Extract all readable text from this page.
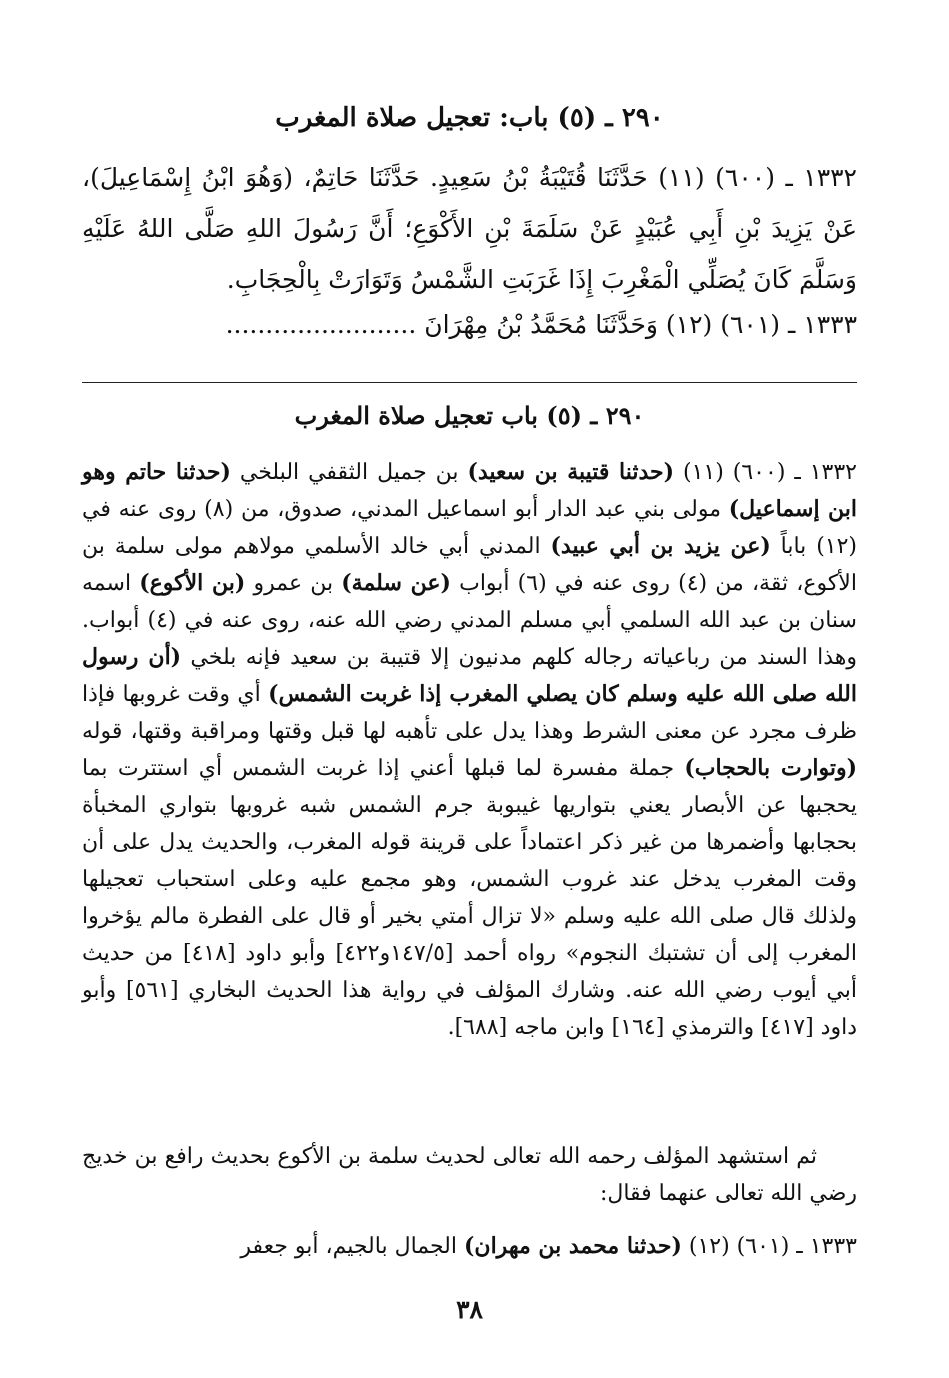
٢٩٠ ـ (٥) باب: تعجيل صلاة المغرب

١٣٣٢ ـ (٦٠٠) (١١) حَدَّثَنَا قُتَيْبَةُ بْنُ سَعِيدٍ. حَدَّثَنَا حَاتِمٌ، (وَهُوَ ابْنُ إِسْمَاعِيلَ)، عَنْ يَزِيدَ بْنِ أَبِي عُبَيْدٍ عَنْ سَلَمَةَ بْنِ الأَكْوَعِ؛ أَنَّ رَسُولَ اللهِ صَلَّى اللهُ عَلَيْهِ وَسَلَّمَ كَانَ يُصَلِّي الْمَغْرِبَ إِذَا غَرَبَتِ الشَّمْسُ وَتَوَارَتْ بِالْحِجَابِ.

١٣٣٣ ـ (٦٠١) (١٢) وَحَدَّثَنَا مُحَمَّدُ بْنُ مِهْرَانَ ........................

٢٩٠ ـ (٥) باب تعجيل صلاة المغرب

١٣٣٢ ـ (٦٠٠) (١١) (حدثنا قتيبة بن سعيد) بن جميل الثقفي البلخي (حدثنا حاتم وهو ابن إسماعيل) مولى بني عبد الدار أبو اسماعيل المدني، صدوق، من (٨) روى عنه في (١٢) باباً (عن يزيد بن أبي عبيد) المدني أبي خالد الأسلمي مولاهم مولى سلمة بن الأكوع، ثقة، من (٤) روى عنه في (٦) أبواب (عن سلمة) بن عمرو (بن الأكوع) اسمه سنان بن عبد الله السلمي أبي مسلم المدني رضي الله عنه، روى عنه في (٤) أبواب. وهذا السند من رباعياته رجاله كلهم مدنيون إلا قتيبة بن سعيد فإنه بلخي (أن رسول الله صلى الله عليه وسلم كان يصلي المغرب إذا غربت الشمس) أي وقت غروبها فإذا ظرف مجرد عن معنى الشرط وهذا يدل على تأهبه لها قبل وقتها ومراقبة وقتها، قوله (وتوارت بالحجاب) جملة مفسرة لما قبلها أعني إذا غربت الشمس أي استترت بما يحجبها عن الأبصار يعني بتواريها غيبوبة جرم الشمس شبه غروبها بتواري المخبأة بحجابها وأضمرها من غير ذكر اعتماداً على قرينة قوله المغرب، والحديث يدل على أن وقت المغرب يدخل عند غروب الشمس، وهو مجمع عليه وعلى استحباب تعجيلها ولذلك قال صلى الله عليه وسلم «لا تزال أمتي بخير أو قال على الفطرة مالم يؤخروا المغرب إلى أن تشتبك النجوم» رواه أحمد [١٤٧/٥و٤٢٢] وأبو داود [٤١٨] من حديث أبي أيوب رضي الله عنه. وشارك المؤلف في رواية هذا الحديث البخاري [٥٦١] وأبو داود [٤١٧] والترمذي [١٦٤] وابن ماجه [٦٨٨].

ثم استشهد المؤلف رحمه الله تعالى لحديث سلمة بن الأكوع بحديث رافع بن خديج رضي الله تعالى عنهما فقال:

١٣٣٣ ـ (٦٠١) (١٢) (حدثنا محمد بن مهران) الجمال بالجيم، أبو جعفر

٣٨
